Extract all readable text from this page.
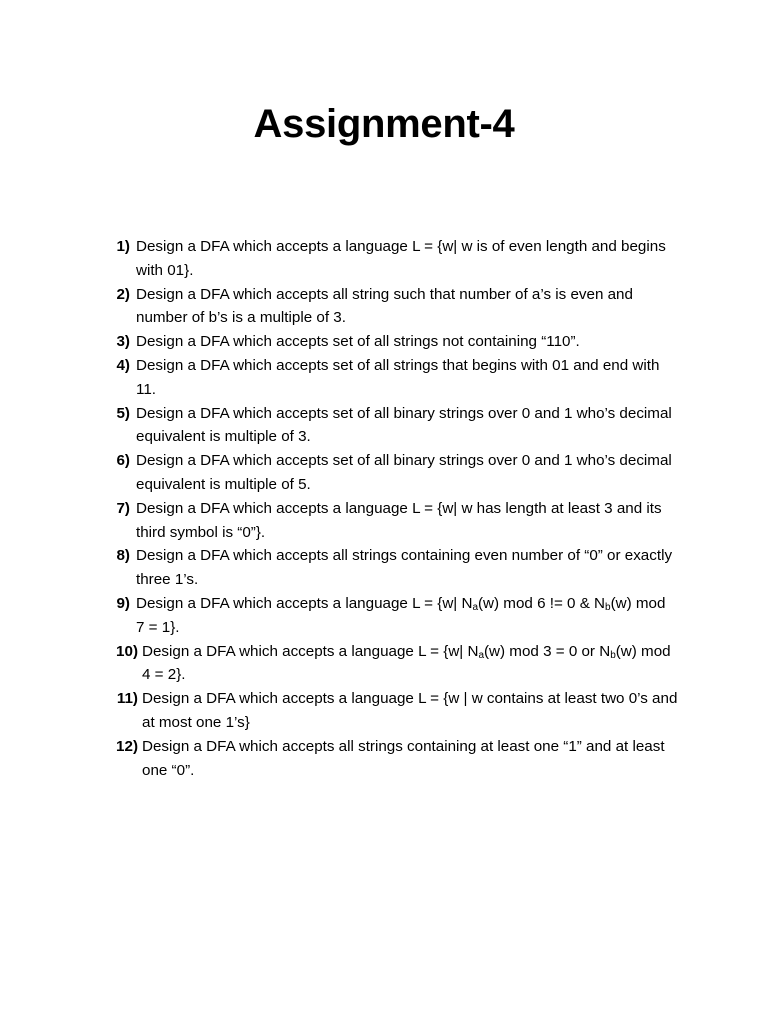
Assignment-4
1) Design a DFA which accepts a language L = {w| w is of even length and begins with 01}.
2) Design a DFA which accepts all string such that number of a’s is even and number of b’s is a multiple of 3.
3) Design a DFA which accepts set of all strings not containing “110”.
4) Design a DFA which accepts set of all strings that begins with 01 and end with 11.
5) Design a DFA which accepts set of all binary strings over 0 and 1 who’s decimal equivalent is multiple of 3.
6) Design a DFA which accepts set of all binary strings over 0 and 1 who’s decimal equivalent is multiple of 5.
7) Design a DFA which accepts a language L = {w| w has length at least 3 and its third symbol is “0”}.
8) Design a DFA which accepts all strings containing even number of “0” or exactly three 1’s.
9) Design a DFA which accepts a language L = {w| $N_a(w)$ mod 6 != 0 & $N_b(w)$ mod 7 = 1}.
10) Design a DFA which accepts a language L = {w| $N_a(w)$ mod 3 = 0 or $N_b(w)$ mod 4 = 2}.
11) Design a DFA which accepts a language L = {w | w contains at least two 0’s and at most one 1’s}
12) Design a DFA which accepts all strings containing at least one “1” and at least one “0”.
